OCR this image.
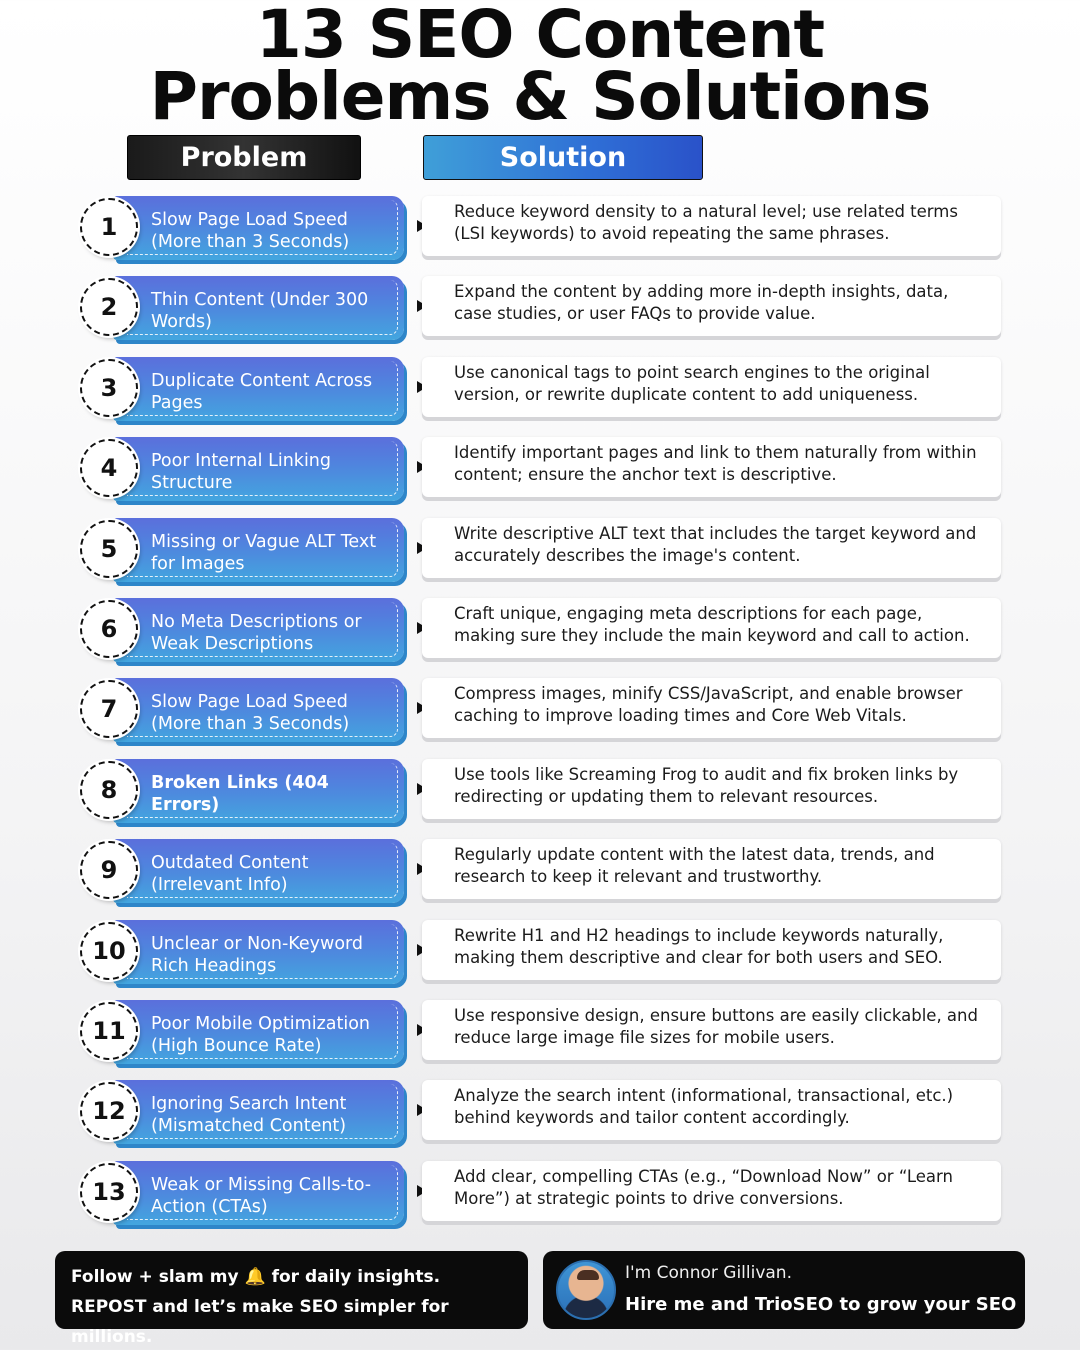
13 SEO Content
Problems & Solutions
Problem	Solution
Slow Page Load Speed (More than 3 Seconds)
1
Reduce keyword density to a natural level; use related terms (LSI keywords) to avoid repeating the same phrases.
Thin Content (Under 300 Words)
2
Expand the content by adding more in-depth insights, data, case studies, or user FAQs to provide value.
Duplicate Content Across Pages
3
Use canonical tags to point search engines to the original version, or rewrite duplicate content to add uniqueness.
Poor Internal Linking Structure
4
Identify important pages and link to them naturally from within content; ensure the anchor text is descriptive.
Missing or Vague ALT Text for Images
5
Write descriptive ALT text that includes the target keyword and accurately describes the image's content.
No Meta Descriptions or Weak Descriptions
6
Craft unique, engaging meta descriptions for each page, making sure they include the main keyword and call to action.
Slow Page Load Speed (More than 3 Seconds)
7
Compress images, minify CSS/JavaScript, and enable browser caching to improve loading times and Core Web Vitals.
Broken Links (404 Errors)
8
Use tools like Screaming Frog to audit and fix broken links by redirecting or updating them to relevant resources.
Outdated Content (Irrelevant Info)
9
Regularly update content with the latest data, trends, and research to keep it relevant and trustworthy.
Unclear or Non-Keyword Rich Headings
10
Rewrite H1 and H2 headings to include keywords naturally, making them descriptive and clear for both users and SEO.
Poor Mobile Optimization (High Bounce Rate)
11
Use responsive design, ensure buttons are easily clickable, and reduce large image file sizes for mobile users.
Ignoring Search Intent (Mismatched Content)
12
Analyze the search intent (informational, transactional, etc.) behind keywords and tailor content accordingly.
Weak or Missing Calls-to-Action (CTAs)
13
Add clear, compelling CTAs (e.g., “Download Now” or “Learn More”) at strategic points to drive conversions.
Follow + slam my 🔔 for daily insights.
REPOST and let’s make SEO simpler for millions.
I'm Connor Gillivan.
Hire me and TrioSEO to grow your SEO
